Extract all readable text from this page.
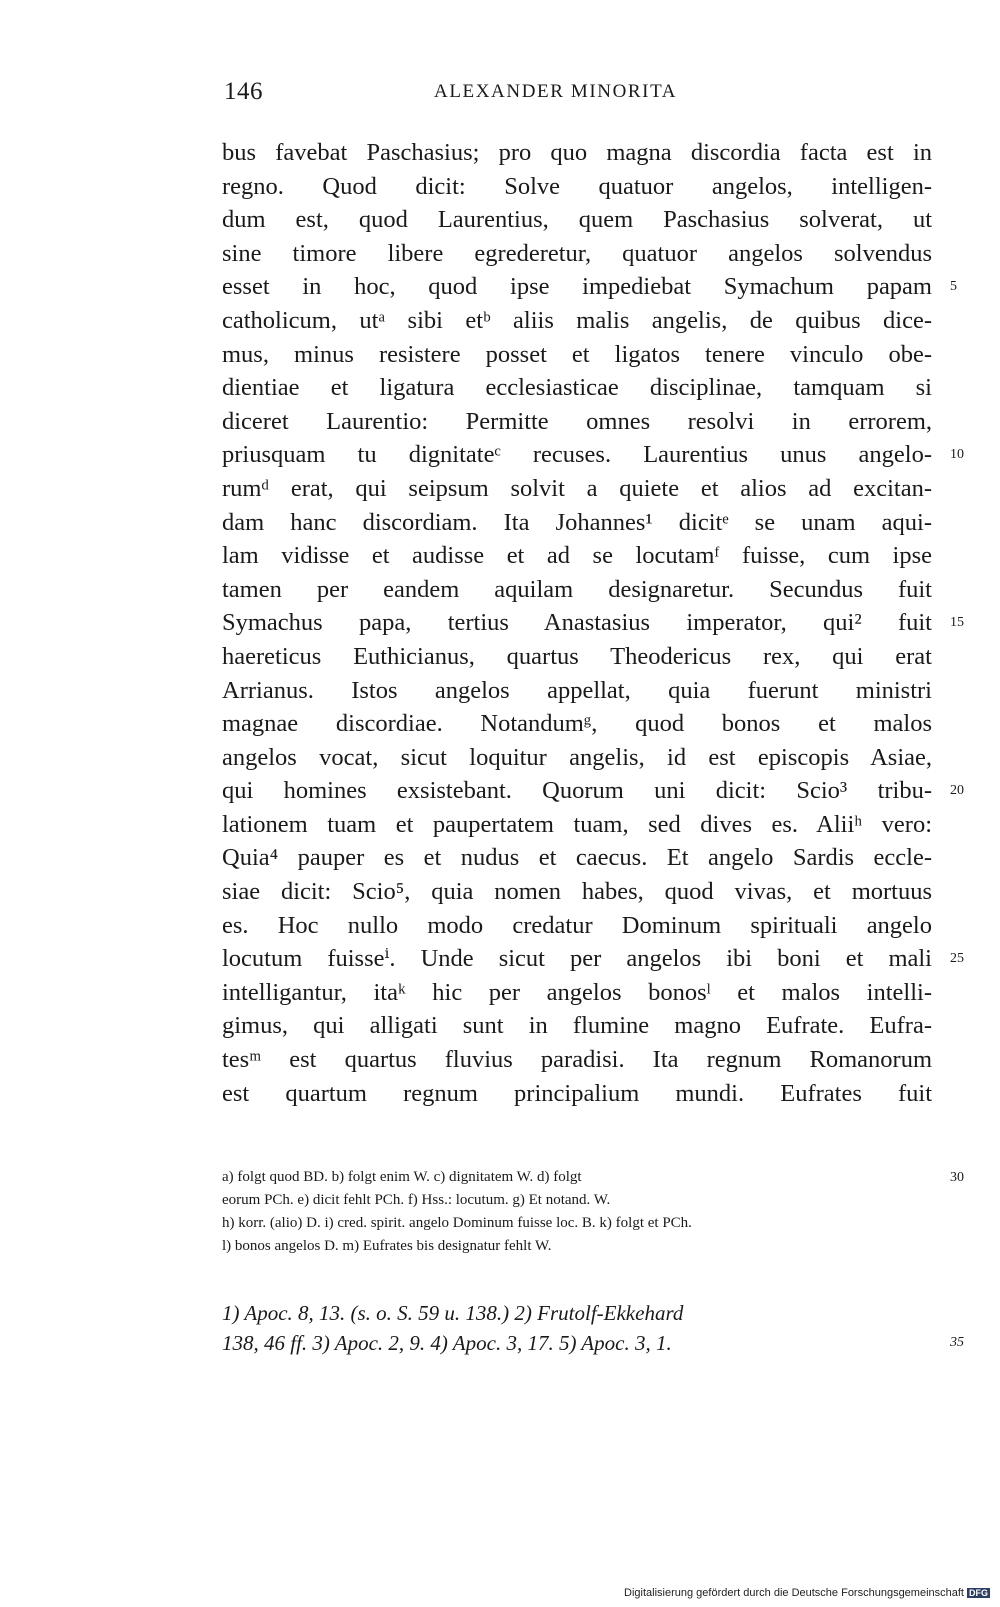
146	ALEXANDER MINORITA
bus favebat Paschasius; pro quo magna discordia facta est in
regno. Quod dicit: Solve quatuor angelos, intelligen-
dum est, quod Laurentius, quem Paschasius solverat, ut
sine timore libere egrederetur, quatuor angelos solvendus
esset in hoc, quod ipse impediebat Symachum papam 5
catholicum, utᵃ sibi etᵇ aliis malis angelis, de quibus dice-
mus, minus resistere posset et ligatos tenere vinculo obe-
dientiae et ligatura ecclesiasticae disciplinae, tamquam si
diceret Laurentio: Permitte omnes resolvi in errorem,
priusquam tu dignitateᶜ recuses. Laurentius unus angelo- 10
rumᵈ erat, qui seipsum solvit a quiete et alios ad excitan-
dam hanc discordiam. Ita Johannes¹ dicitᵉ se unam aqui-
lam vidisse et audisse et ad se locutamᶠ fuisse, cum ipse
tamen per eandem aquilam designaretur. Secundus fuit
Symachus papa, tertius Anastasius imperator, qui² fuit 15
haereticus Euthicianus, quartus Theodericus rex, qui erat
Arrianus. Istos angelos appellat, quia fuerunt ministri
magnae discordiae. Notandumᵍ, quod bonos et malos
angelos vocat, sicut loquitur angelis, id est episcopis Asiae,
qui homines exsistebant. Quorum uni dicit: Scio³ tribu- 20
lationem tuam et paupertatem tuam, sed dives es. Aliiʰ vero:
Quia⁴ pauper es et nudus et caecus. Et angelo Sardis eccle-
siae dicit: Scio⁵, quia nomen habes, quod vivas, et mortuus
es. Hoc nullo modo credatur Dominum spirituali angelo
locutum fuisseⁱ. Unde sicut per angelos ibi boni et mali 25
intelligantur, itaᵏ hic per angelos bonosˡ et malos intelli-
gimus, qui alligati sunt in flumine magno Eufrate. Eufra-
tesᵐ est quartus fluvius paradisi. Ita regnum Romanorum
est quartum regnum principalium mundi. Eufrates fuit
a) folgt quod BD. b) folgt enim W. c) dignitatem W. d) folgt	30
eorum PCh. e) dicit fehlt PCh. f) Hss.: locutum. g) Et notand. W.
h) korr. (alio) D. i) cred. spirit. angelo Dominum fuisse loc. B. k) folgt et PCh.
l) bonos angelos D. m) Eufrates bis designatur fehlt W.
1) Apoc. 8, 13. (s. o. S. 59 u. 138.) 2) Frutolf-Ekkehard
138, 46 ff. 3) Apoc. 2, 9. 4) Apoc. 3, 17. 5) Apoc. 3, 1.	35
Digitalisierung gefördert durch die Deutsche Forschungsgemeinschaft DFG
